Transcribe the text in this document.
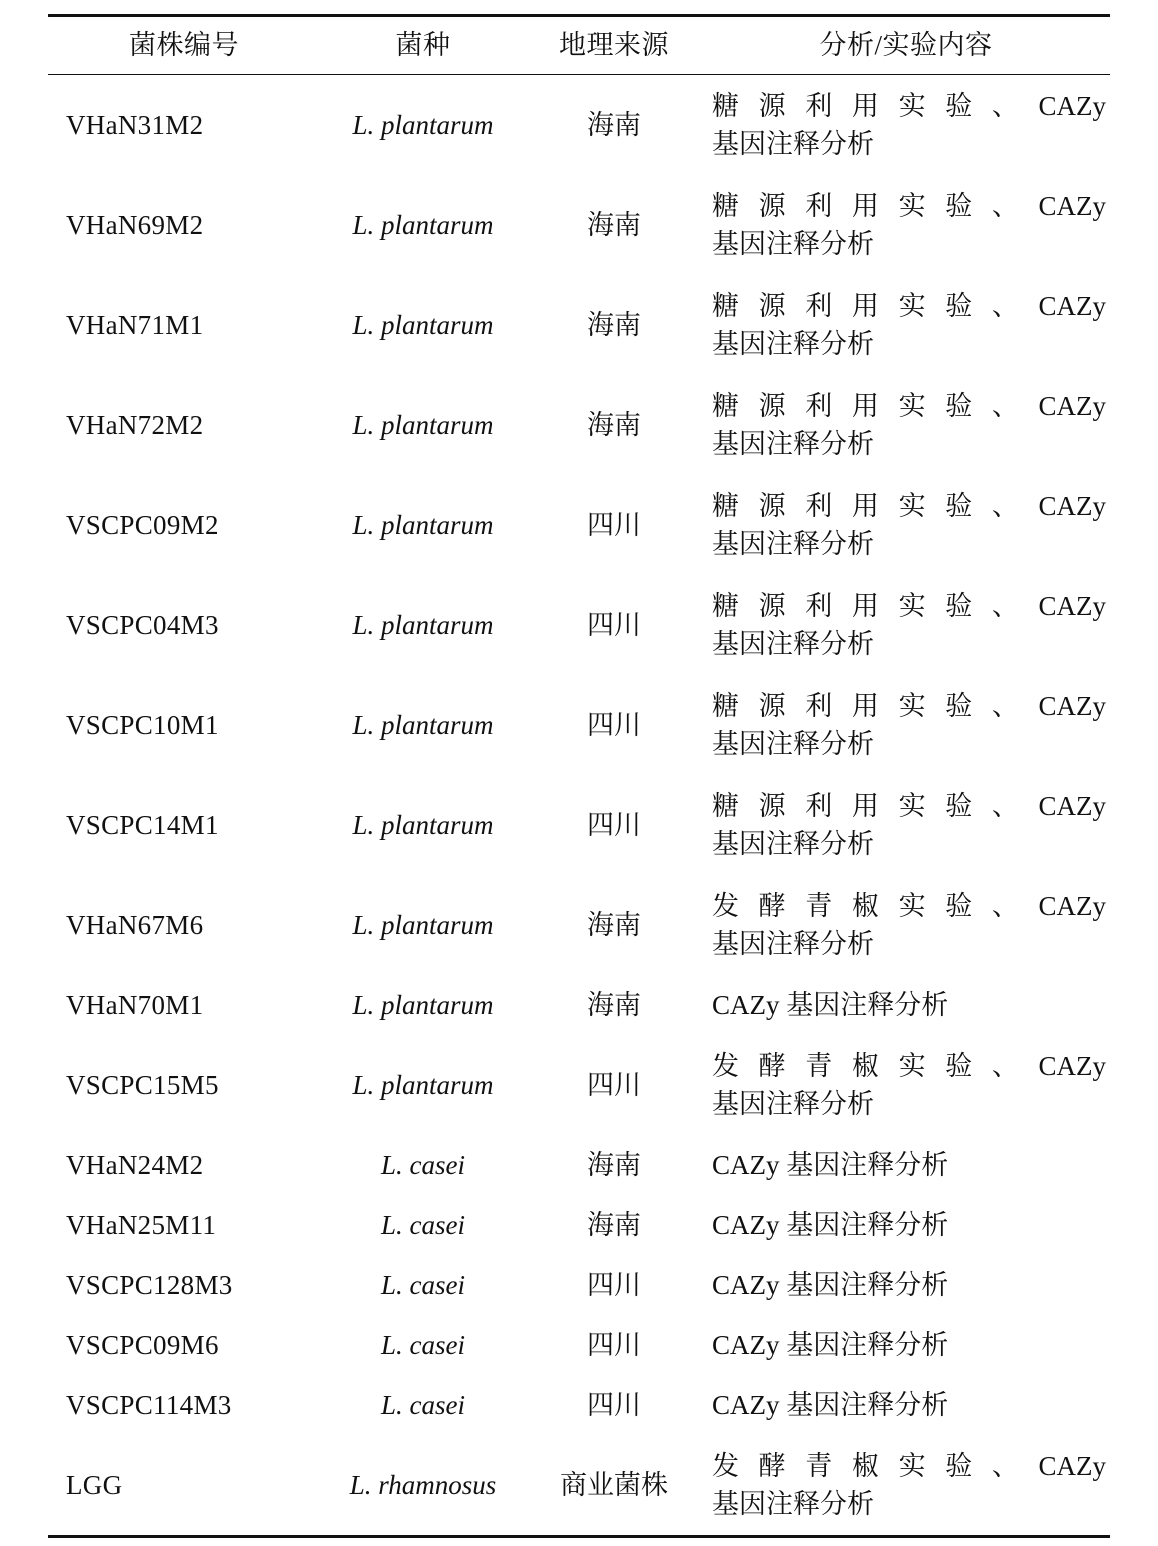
菌株编号	菌种	地理来源	分析/实验内容
VHaN31M2	L. plantarum	海南	糖源利用实验、CAZy
基因注释分析

VHaN69M2	L. plantarum	海南	糖源利用实验、CAZy
基因注释分析

VHaN71M1	L. plantarum	海南	糖源利用实验、CAZy
基因注释分析

VHaN72M2	L. plantarum	海南	糖源利用实验、CAZy
基因注释分析

VSCPC09M2	L. plantarum	四川	糖源利用实验、CAZy
基因注释分析

VSCPC04M3	L. plantarum	四川	糖源利用实验、CAZy
基因注释分析

VSCPC10M1	L. plantarum	四川	糖源利用实验、CAZy
基因注释分析

VSCPC14M1	L. plantarum	四川	糖源利用实验、CAZy
基因注释分析

VHaN67M6	L. plantarum	海南	发酵青椒实验、CAZy
基因注释分析

VHaN70M1	L. plantarum	海南	CAZy 基因注释分析

VSCPC15M5	L. plantarum	四川	发酵青椒实验、CAZy
基因注释分析

VHaN24M2	L. casei	海南	CAZy 基因注释分析

VHaN25M11	L. casei	海南	CAZy 基因注释分析

VSCPC128M3	L. casei	四川	CAZy 基因注释分析

VSCPC09M6	L. casei	四川	CAZy 基因注释分析

VSCPC114M3	L. casei	四川	CAZy 基因注释分析

LGG	L. rhamnosus	商业菌株	发酵青椒实验、CAZy
基因注释分析
